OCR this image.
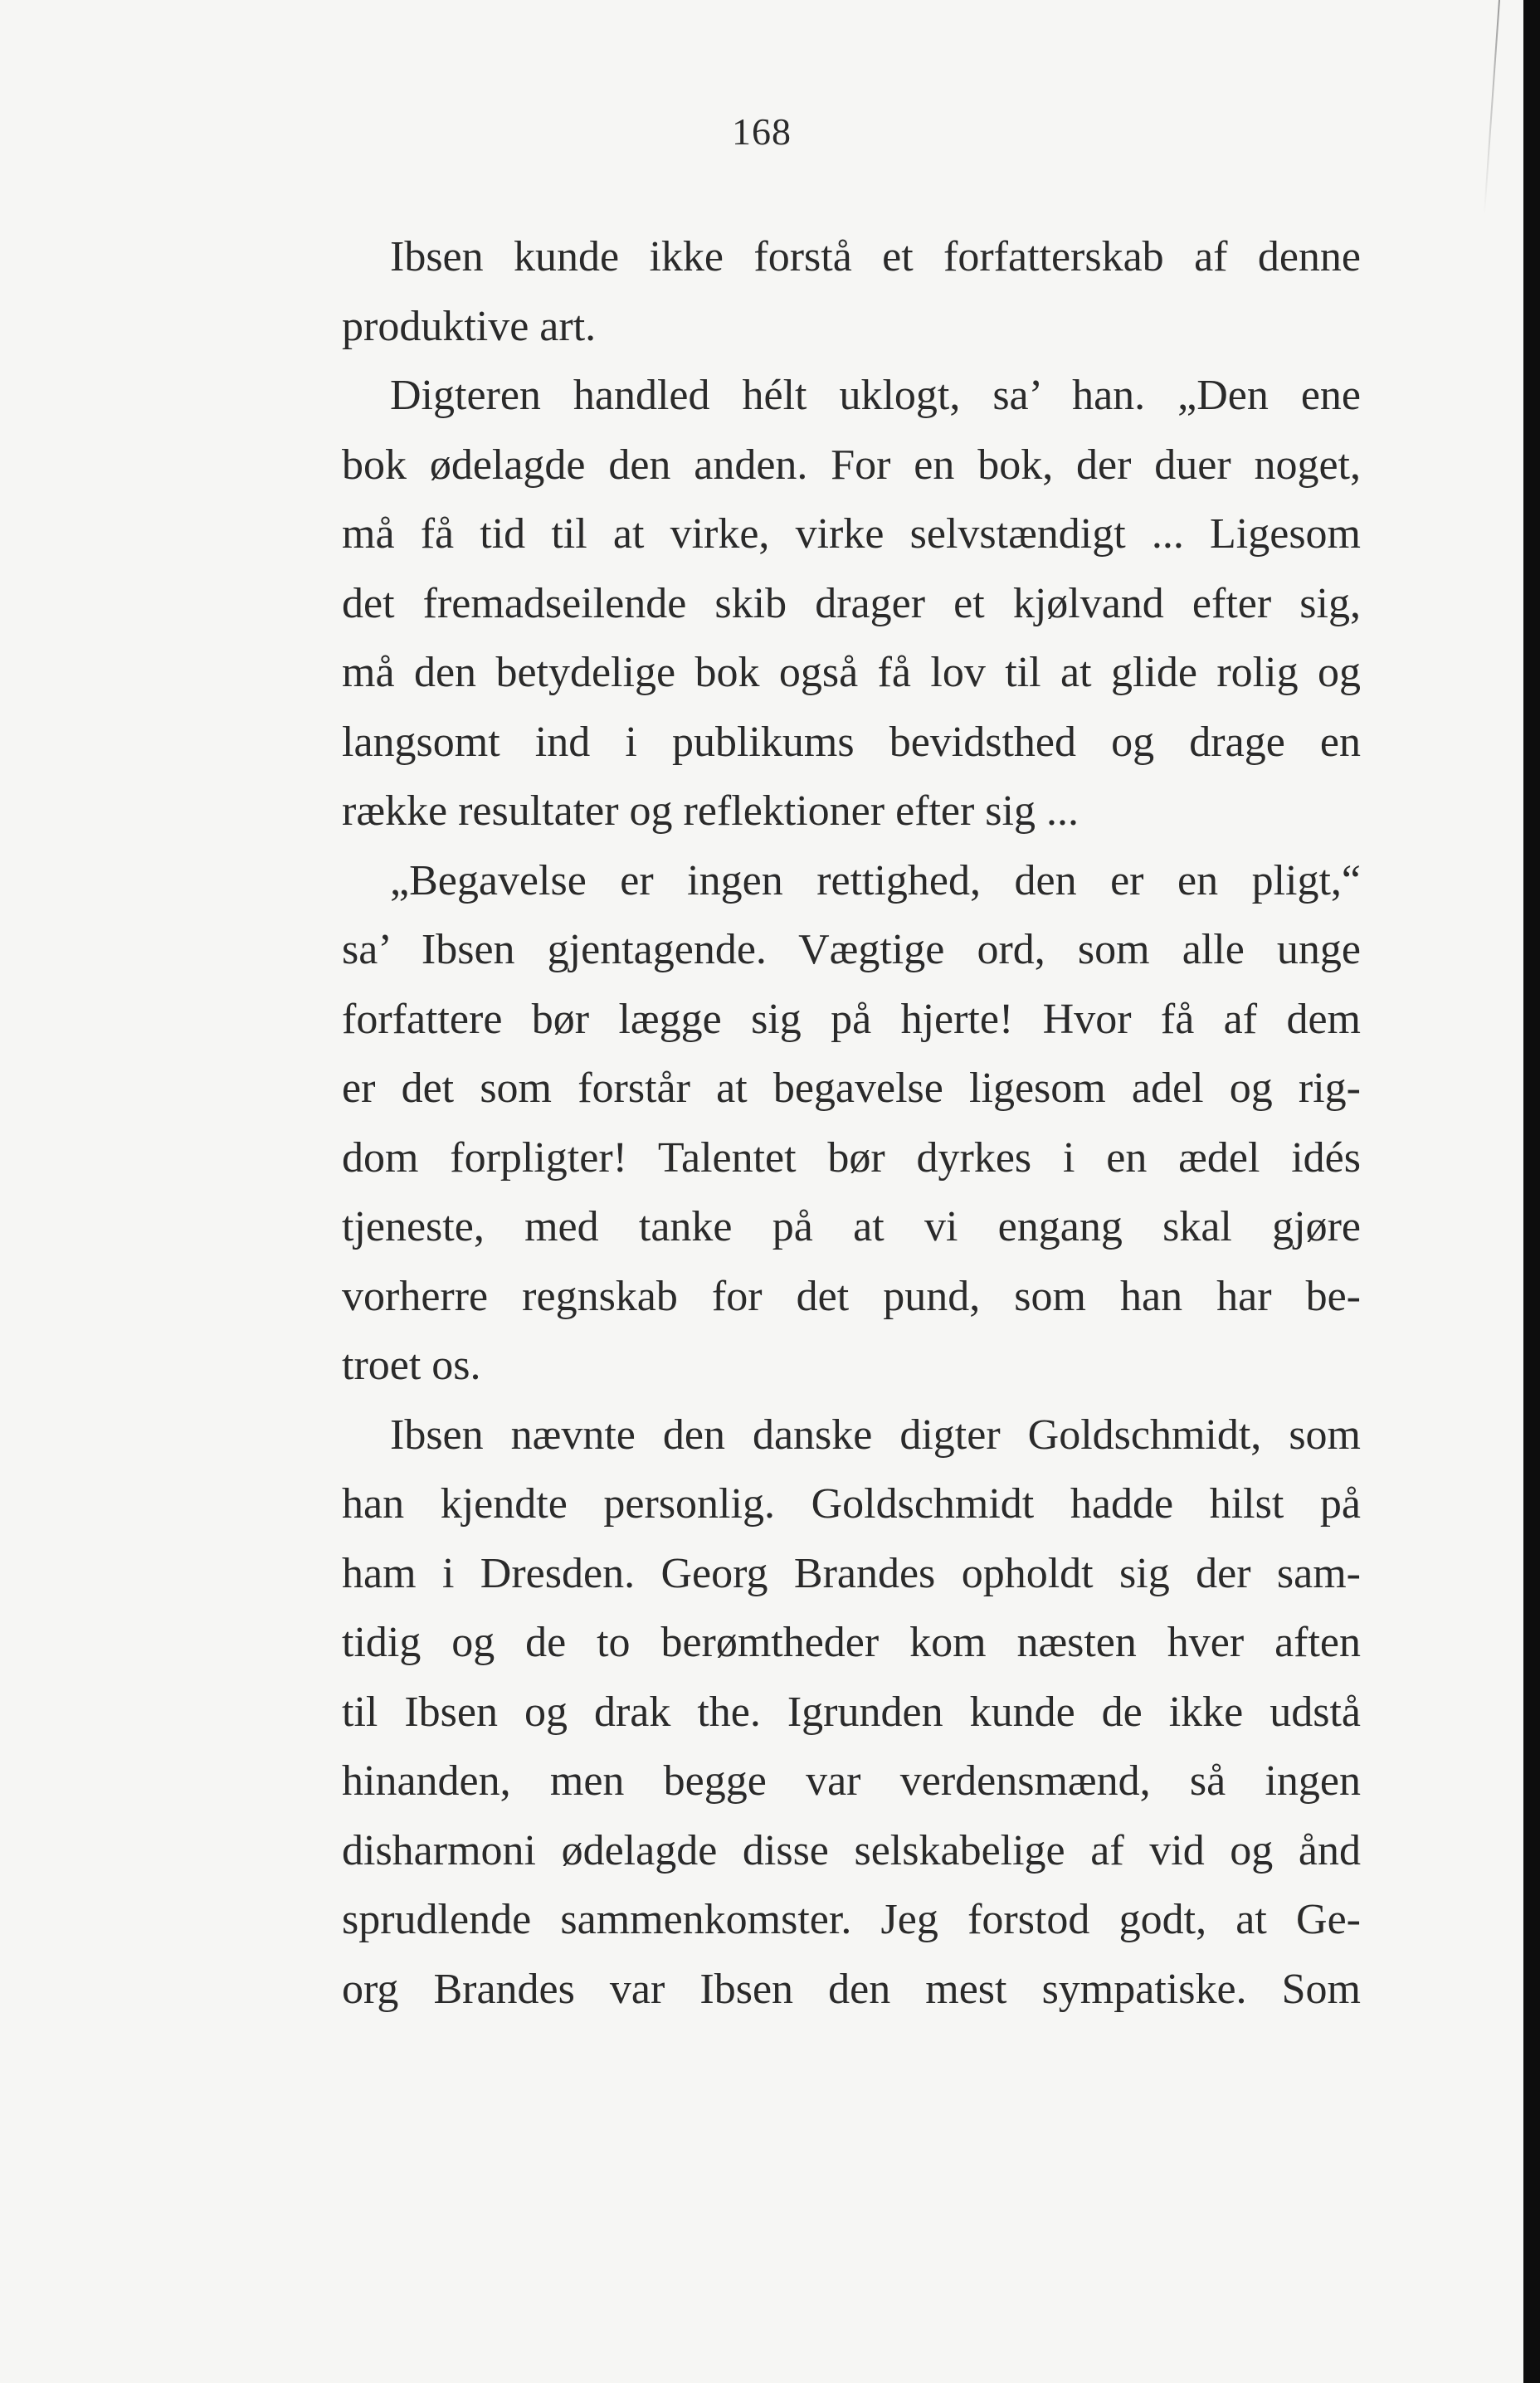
168
Ibsen kunde ikke forstå et forfatterskab af denne
produktive art.
Digteren handled hélt uklogt, sa’ han. „Den ene
bok ødelagde den anden. For en bok, der duer noget,
må få tid til at virke, virke selvstændigt ... Ligesom
det fremadseilende skib drager et kjølvand efter sig,
må den betydelige bok også få lov til at glide rolig og
langsomt ind i publikums bevidsthed og drage en
række resultater og reflektioner efter sig ...
„Begavelse er ingen rettighed, den er en pligt,“
sa’ Ibsen gjentagende. Vægtige ord, som alle unge
forfattere bør lægge sig på hjerte! Hvor få af dem
er det som forstår at begavelse ligesom adel og rig-
dom forpligter! Talentet bør dyrkes i en ædel idés
tjeneste, med tanke på at vi engang skal gjøre
vorherre regnskab for det pund, som han har be-
troet os.
Ibsen nævnte den danske digter Goldschmidt, som
han kjendte personlig. Goldschmidt hadde hilst på
ham i Dresden. Georg Brandes opholdt sig der sam-
tidig og de to berømtheder kom næsten hver aften
til Ibsen og drak the. Igrunden kunde de ikke udstå
hinanden, men begge var verdensmænd, så ingen
disharmoni ødelagde disse selskabelige af vid og ånd
sprudlende sammenkomster. Jeg forstod godt, at Ge-
org Brandes var Ibsen den mest sympatiske. Som
